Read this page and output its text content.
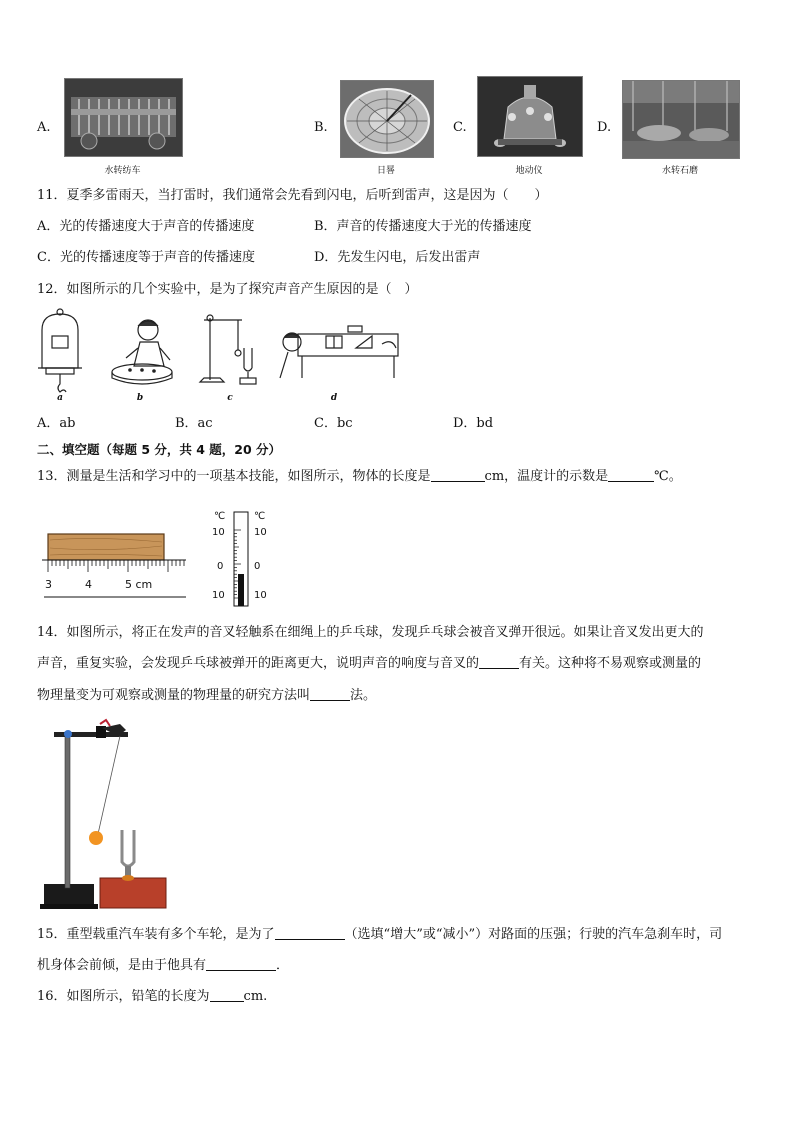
A.
水转纺车
B.
日晷
C.
地动仪
D.
水转石磨
11．夏季多雷雨天，当打雷时，我们通常会先看到闪电，后听到雷声，这是因为（　　）
A．光的传播速度大于声音的传播速度	B．声音的传播速度大于光的传播速度
C．光的传播速度等于声音的传播速度	D．先发生闪电，后发出雷声
12．如图所示的几个实验中，是为了探究声音产生原因的是（　）
a	b	c	d
A．ab	B．ac	C．bc	D．bd
二、填空题（每题 5 分，共 4 题，20 分）
13．测量是生活和学习中的一项基本技能，如图所示，物体的长度是	cm，温度计的示数是	℃。
3	4	5 cm
℃	℃
10
0
10
10
0
10
14．如图所示，将正在发声的音叉轻触系在细绳上的乒乓球，发现乒乓球会被音叉弹开很远。如果让音叉发出更大的
声音，重复实验，会发现乒乓球被弹开的距离更大，说明声音的响度与音叉的	有关。这种将不易观察或测量的
物理量变为可观察或测量的物理量的研究方法叫	法。
15．重型载重汽车装有多个车轮，是为了	（选填“增大”或“减小”）对路面的压强；行驶的汽车急刹车时，司
机身体会前倾，是由于他具有	．
16．如图所示，铅笔的长度为	cm.
